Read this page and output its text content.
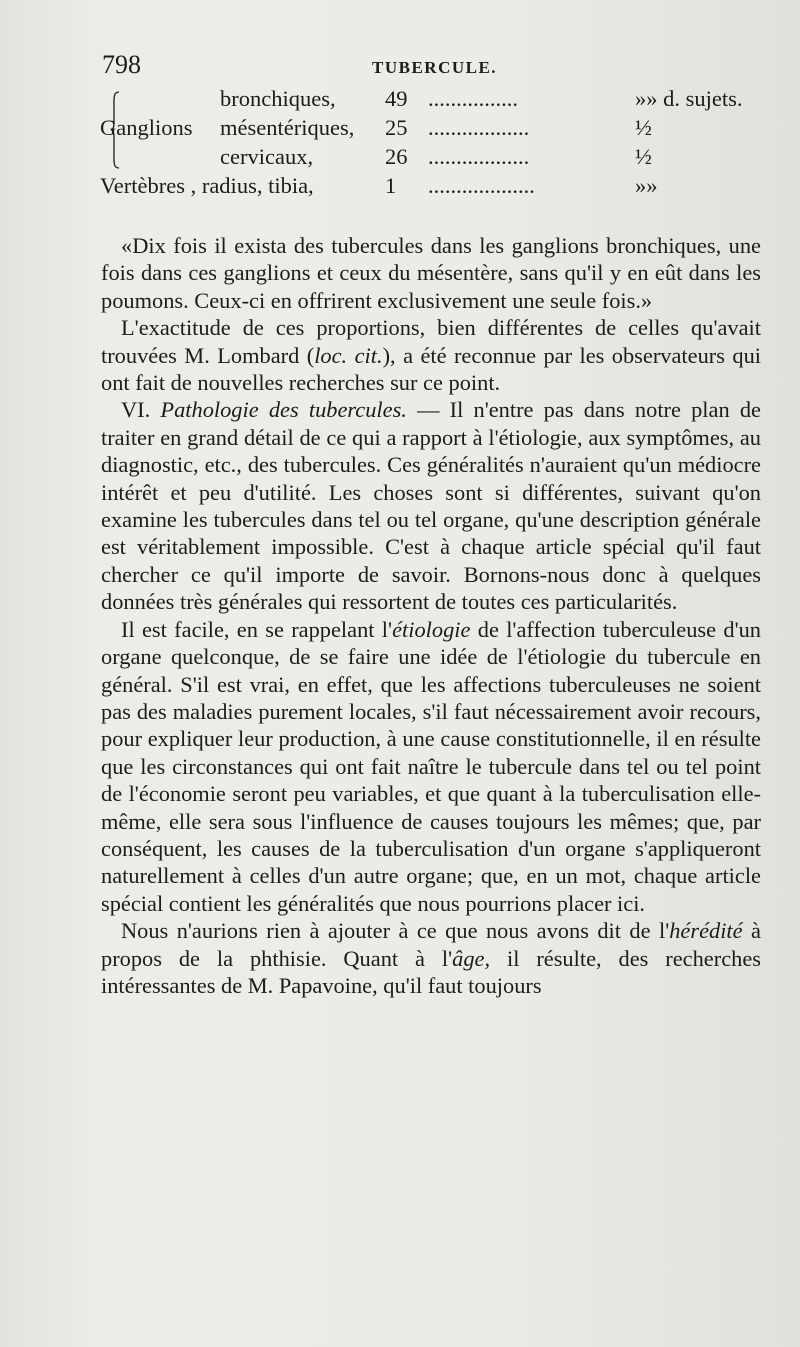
798	TUBERCULE.
bronchiques, 49 ................	»» d. sujets.
Ganglions mésentériques, 25 ..................	½
cervicaux,	26 ..................	½
Vertèbres , radius, tibia,	1 ...................	»»

«Dix fois il exista des tubercules dans les ganglions bronchiques, une fois dans ces ganglions et ceux du mésentère, sans qu'il y en eût dans les poumons. Ceux-ci en offrirent exclusivement une seule fois.»

L'exactitude de ces proportions, bien différentes de celles qu'avait trouvées M. Lombard (loc. cit.), a été reconnue par les observateurs qui ont fait de nouvelles recherches sur ce point.

VI. Pathologie des tubercules. — Il n'entre pas dans notre plan de traiter en grand détail de ce qui a rapport à l'étiologie, aux symptômes, au diagnostic, etc., des tubercules. Ces généralités n'auraient qu'un médiocre intérêt et peu d'utilité. Les choses sont si différentes, suivant qu'on examine les tubercules dans tel ou tel organe, qu'une description générale est véritablement impossible. C'est à chaque article spécial qu'il faut chercher ce qu'il importe de savoir. Bornons-nous donc à quelques données très générales qui ressortent de toutes ces particularités.

Il est facile, en se rappelant l'étiologie de l'affection tuberculeuse d'un organe quelconque, de se faire une idée de l'étiologie du tubercule en général. S'il est vrai, en effet, que les affections tuberculeuses ne soient pas des maladies purement locales, s'il faut nécessairement avoir recours, pour expliquer leur production, à une cause constitutionnelle, il en résulte que les circonstances qui ont fait naître le tubercule dans tel ou tel point de l'économie seront peu variables, et que quant à la tuberculisation elle-même, elle sera sous l'influence de causes toujours les mêmes; que, par conséquent, les causes de la tuberculisation d'un organe s'appliqueront naturellement à celles d'un autre organe; que, en un mot, chaque article spécial contient les généralités que nous pourrions placer ici.

Nous n'aurions rien à ajouter à ce que nous avons dit de l'hérédité à propos de la phthisie. Quant à l'âge, il résulte, des recherches intéressantes de M. Papavoine, qu'il faut toujours
